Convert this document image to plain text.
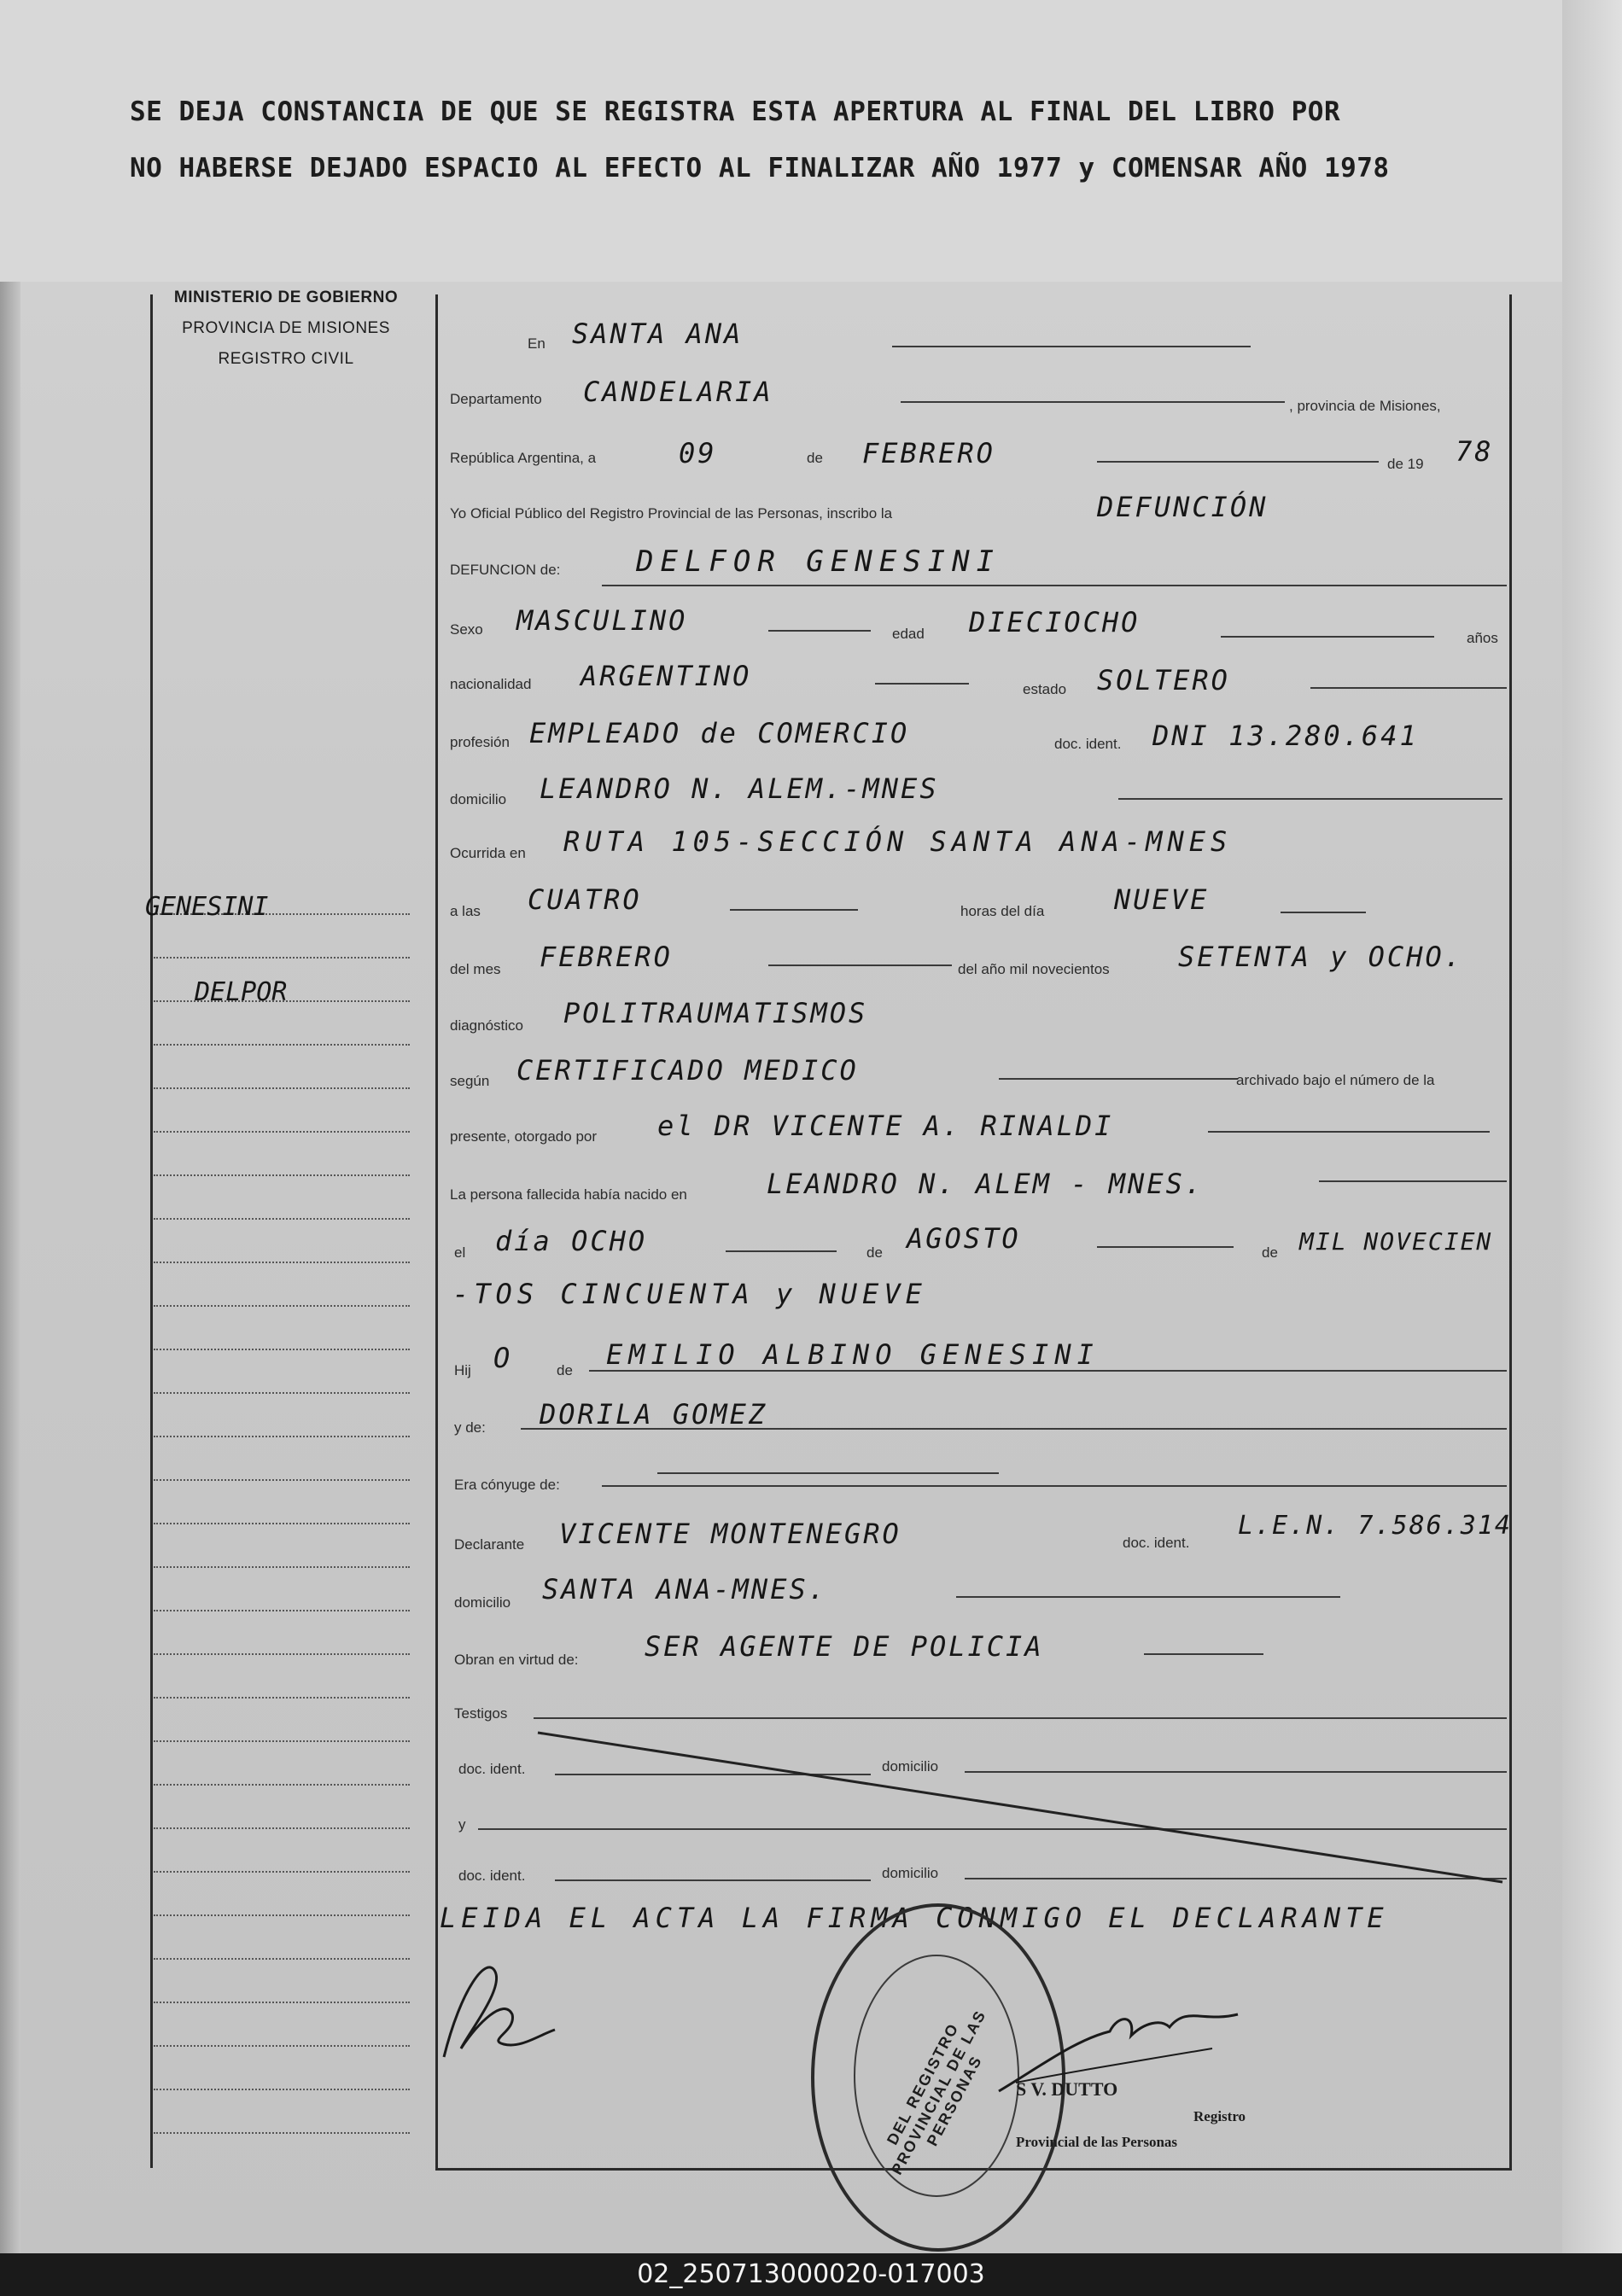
SE DEJA CONSTANCIA DE QUE SE REGISTRA ESTA APERTURA AL FINAL DEL LIBRO POR
NO HABERSE DEJADO ESPACIO AL EFECTO AL FINALIZAR AÑO 1977 y COMENSAR AÑO 1978
MINISTERIO DE GOBIERNO
PROVINCIA DE MISIONES
REGISTRO CIVIL
GENESINI
DELPOR
En SANTA ANA
Departamento CANDELARIA	, provincia de Misiones,
República Argentina, a	09	de FEBRERO	de 19 78
Yo Oficial Público del Registro Provincial de las Personas, inscribo la	DEFUNCIÓN
DEFUNCION de:	DELFOR GENESINI
Sexo MASCULINO	edad DIECIOCHO	años
nacionalidad ARGENTINO	estado SOLTERO
profesión EMPLEADO de COMERCIO	doc. ident. DNI 13.280.641
domicilio LEANDRO N. ALEM.-MNES
Ocurrida en RUTA 105-SECCIÓN SANTA ANA-MNES
a las CUATRO	horas del día	NUEVE
del mes FEBRERO	del año mil novecientos	SETENTA y OCHO.
diagnóstico POLITRAUMATISMOS
según CERTIFICADO MEDICO	archivado bajo el número de la
presente, otorgado por el DR VICENTE A. RINALDI
La persona fallecida había nacido en	LEANDRO N. ALEM - MNES.
el día OCHO	de AGOSTO	de MIL NOVECIEN
-TOS CINCUENTA y NUEVE
Hij O	de EMILIO ALBINO GENESINI
y de: DORILA GOMEZ
Era cónyuge de:
Declarante VICENTE MONTENEGRO	doc. ident.
L.E.N. 7.586.314
domicilio SANTA ANA-MNES.
Obran en virtud de: SER AGENTE DE POLICIA
Testigos
doc. ident.	domicilio
y
doc. ident.	domicilio
LEIDA EL ACTA LA FIRMA CONMIGO EL DECLARANTE
DEL REGISTRO PROVINCIAL DE LAS PERSONAS	S V. DUTTO
Registro
Provincial de las Personas
02_250713000020-017003
